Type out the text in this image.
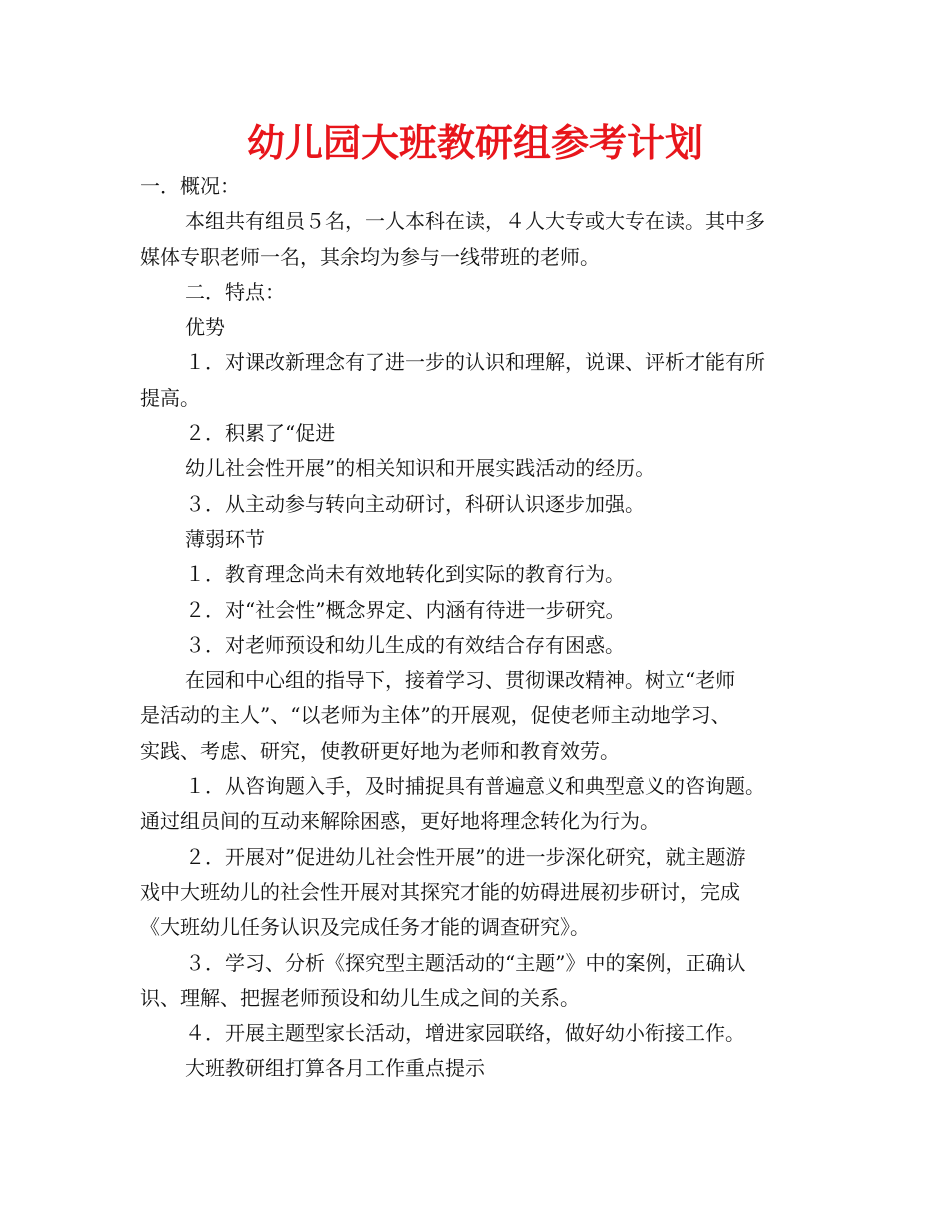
幼儿园大班教研组参考计划

一．概况：

本组共有组员５名，一人本科在读，４人大专或大专在读。其中多

媒体专职老师一名，其余均为参与一线带班的老师。

二．特点：

优势

１．对课改新理念有了进一步的认识和理解，说课、评析才能有所

提高。

２．积累了“促进

幼儿社会性开展”的相关知识和开展实践活动的经历。

３．从主动参与转向主动研讨，科研认识逐步加强。

薄弱环节

１．教育理念尚未有效地转化到实际的教育行为。

２．对“社会性”概念界定、内涵有待进一步研究。

３．对老师预设和幼儿生成的有效结合存有困惑。

在园和中心组的指导下，接着学习、贯彻课改精神。树立“老师

是活动的主人”、“以老师为主体”的开展观，促使老师主动地学习、

实践、考虑、研究，使教研更好地为老师和教育效劳。

１．从咨询题入手，及时捕捉具有普遍意义和典型意义的咨询题。

通过组员间的互动来解除困惑，更好地将理念转化为行为。

２．开展对”促进幼儿社会性开展”的进一步深化研究，就主题游

戏中大班幼儿的社会性开展对其探究才能的妨碍进展初步研讨，完成

《大班幼儿任务认识及完成任务才能的调查研究》。

３．学习、分析《探究型主题活动的“主题”》中的案例，正确认

识、理解、把握老师预设和幼儿生成之间的关系。

４．开展主题型家长活动，增进家园联络，做好幼小衔接工作。

大班教研组打算各月工作重点提示
